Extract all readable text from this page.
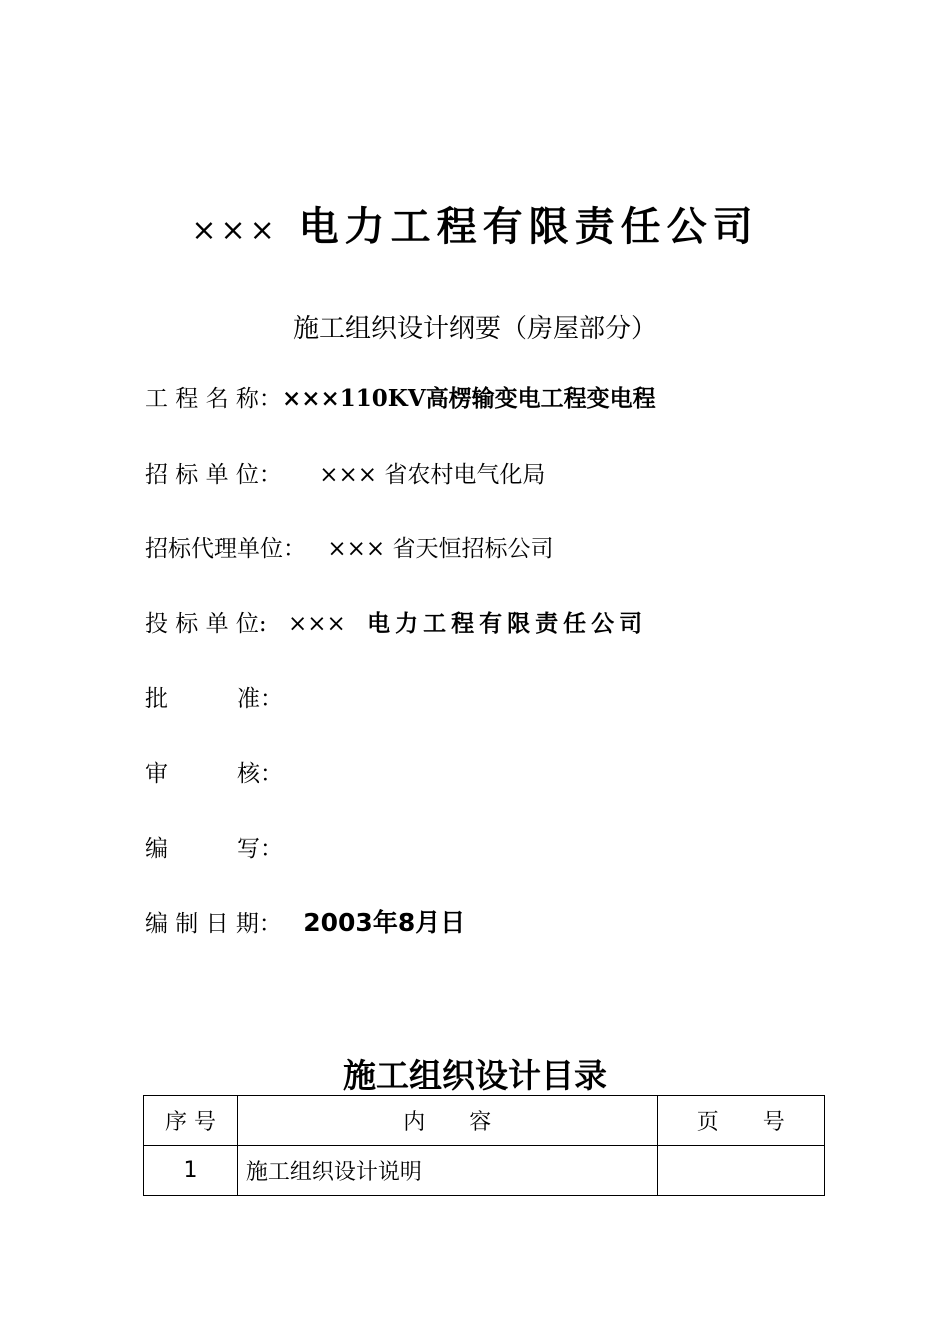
××× 电力工程有限责任公司
施工组织设计纲要（房屋部分）
工 程 名 称：×××110KV高楞输变电工程变电程
招 标 单 位： ××× 省农村电气化局
招标代理单位： ××× 省天恒招标公司
投 标 单 位: ××× 电力工程有限责任公司
批　　　准：
审　　　核：
编　　　写：
编 制 日 期： 2003年8月日
施工组织设计目录
序 号	内　　容	页　　号
1	施工组织设计说明	
